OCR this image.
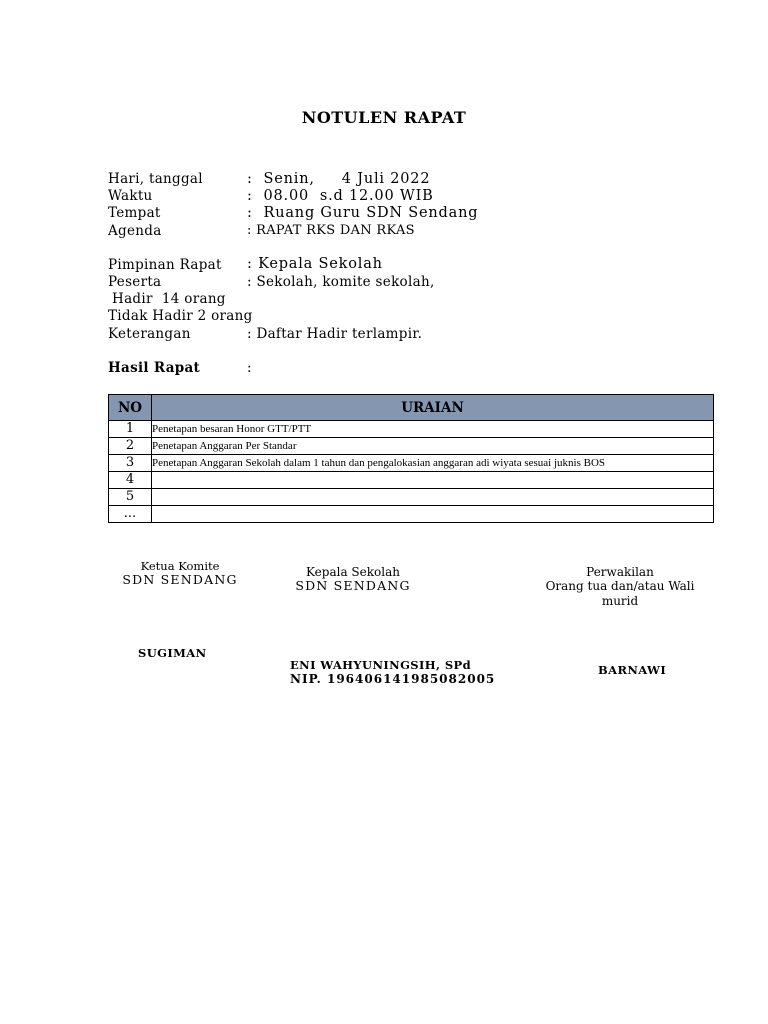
NOTULEN RAPAT
Hari, tanggal	:  Senin,     4 Juli 2022
Waktu	:  08.00  s.d 12.00 WIB
Tempat	:  Ruang Guru SDN Sendang
Agenda	: RAPAT RKS DAN RKAS
Pimpinan Rapat : Kepala Sekolah
Peserta	: Sekolah, komite sekolah,
Hadir  14 orang
Tidak Hadir 2 orang
Keterangan	: Daftar Hadir terlampir.
Hasil Rapat	:
NO	URAIAN
1	Penetapan besaran Honor GTT/PTT
2	Penetapan Anggaran Per Standar
3	Penetapan Anggaran Sekolah dalam 1 tahun dan pengalokasian anggaran adi wiyata sesuai juknis BOS
4	
5	
...	
Ketua Komite
SDN SENDANG
SUGIMAN
Kepala Sekolah
SDN SENDANG
ENI WAHYUNINGSIH, SPd
NIP. 196406141985082005
Perwakilan
Orang tua dan/atau Wali
murid
BARNAWI
